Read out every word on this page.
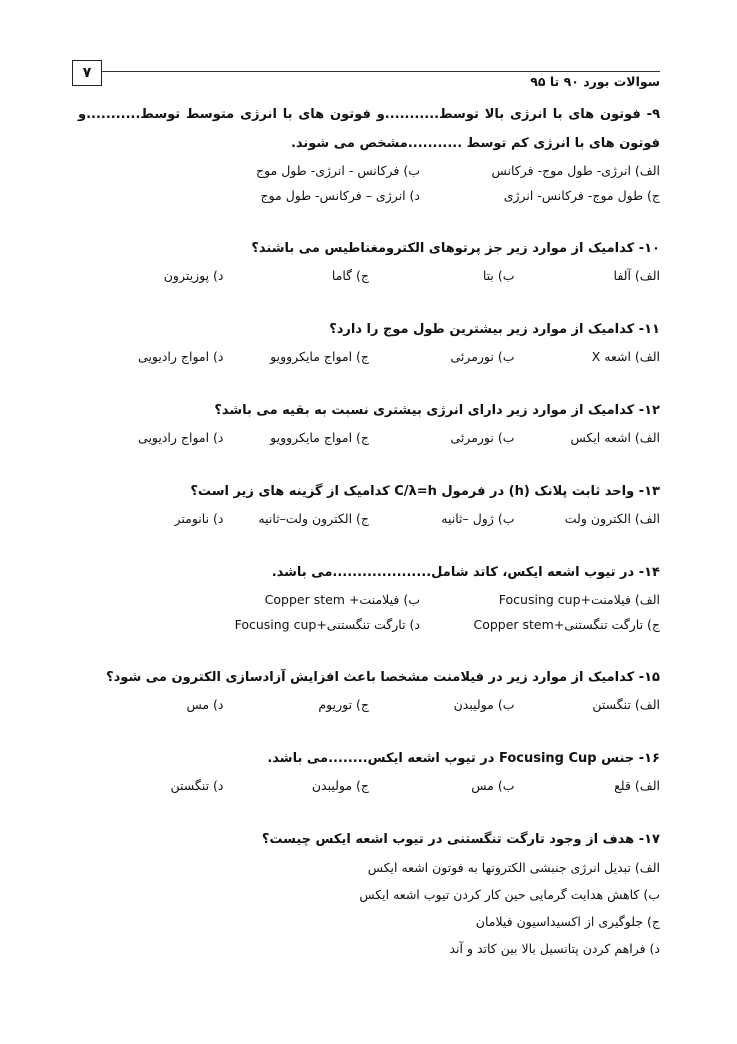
۷
سوالات بورد ۹۰ تا ۹۵
۹- فوتون های با انرژی بالا توسط...........و فوتون های با انرژی متوسط توسط...........و فوتون های با انرژی کم توسط ...........مشخص می شوند.
الف) انرژی- طول موج- فرکانس
ب) فرکانس - انرژی- طول موج
ج) طول موج- فرکانس- انرژی
د) انرژی – فرکانس- طول موج
۱۰- کدامیک از موارد زیر جز پرتوهای الکترومغناطیس می باشند؟
الف) آلفا
ب) بتا
ج) گاما
د) پوزیترون
۱۱- کدامیک از موارد زیر بیشترین طول موج را دارد؟
الف) اشعه X
ب) نورمرئی
ج) امواج مایکروویو
د) امواج رادیویی
۱۲- کدامیک از موارد زیر دارای انرژی بیشتری نسبت به بقیه می باشد؟
الف) اشعه ایکس
ب) نورمرئی
ج) امواج مایکروویو
د) امواج رادیویی
۱۳- واحد ثابت پلانک (h) در فرمول C/λ=h کدامیک از گزینه های زیر است؟
الف) الکترون ولت
ب) ژول –ثانیه
ج) الکترون ولت–ثانیه
د) نانومتر
۱۴- در تیوب اشعه ایکس، کاتد شامل....................می باشد.
الف) فیلامنت+Focusing cup
ب) فیلامنت+ Copper stem
ج) تارگت تنگستنی+Copper stem
د) تارگت تنگستنی+Focusing cup
۱۵- کدامیک از موارد زیر در فیلامنت مشخصا باعث افزایش آزادسازی الکترون می شود؟
الف) تنگستن
ب) مولیبدن
ج) توریوم
د) مس
۱۶- جنس Focusing Cup در تیوب اشعه ایکس........می باشد.
الف) قلع
ب) مس
ج) مولیبدن
د) تنگستن
۱۷- هدف از وجود تارگت تنگستنی در تیوب اشعه ایکس چیست؟
الف) تبدیل انرژی جنبشی الکترونها به فوتون اشعه ایکس
ب) کاهش هدایت گرمایی حین کار کردن تیوب اشعه ایکس
ج) جلوگیری از اکسیداسیون فیلامان
د) فراهم کردن پتانسیل بالا بین کاتد و آند
